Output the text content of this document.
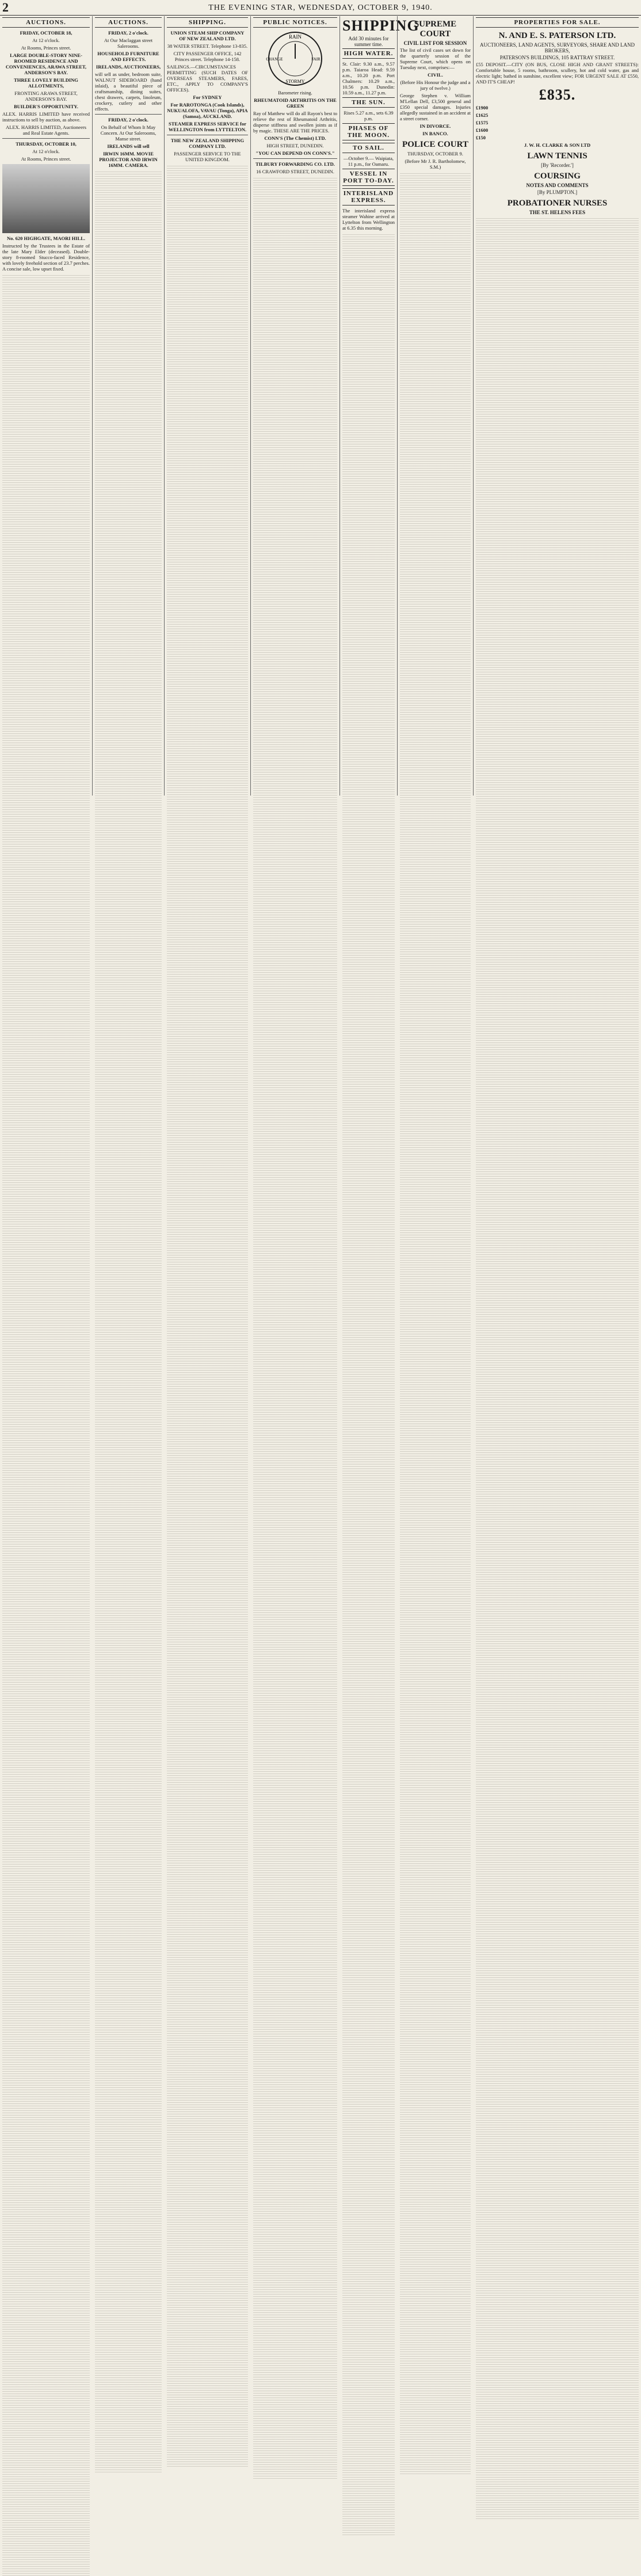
2	THE EVENING STAR, WEDNESDAY, OCTOBER 9, 1940.
AUCTIONS.
FRIDAY, OCTOBER 18,
At 12 o'clock.
At Rooms, Princes street.
LARGE DOUBLE-STORY NINE-ROOMED RESIDENCE AND CONVENIENCES, ARAWA STREET, ANDERSON'S BAY.
THREE LOVELY BUILDING ALLOTMENTS,
FRONTING ARAWA STREET, ANDERSON'S BAY.
BUILDER'S OPPORTUNITY.
ALEX. HARRIS LIMITED have received instructions to sell by auction, as above.
ALEX. HARRIS LIMITED, Auctioneers and Real Estate Agents.
THURSDAY, OCTOBER 10,
At 12 o'clock.
At Rooms, Princes street.
No. 620 HIGHGATE, MAORI HILL.
Instructed by the Trustees in the Estate of the late Mary Elder (deceased). Double-story 8-roomed Stucco-faced Residence, with lovely freehold section of 23.7 perches. A concise sale, low upset fixed.
AUCTIONS.
FRIDAY, 2 o'clock.
At Our Maclaggan street Salerooms.
HOUSEHOLD FURNITURE AND EFFECTS.
IRELANDS, AUCTIONEERS,
will sell as under, bedroom suite, WALNUT SIDEBOARD (hand inlaid), a beautiful piece of craftsmanship, dining suites, chest drawers, carpets, linoleum, crockery, cutlery and other effects.
FRIDAY, 2 o'clock.
On Behalf of Whom It May Concern. At Our Salerooms, Manse street.
IRELANDS will sell
IRWIN 16MM. MOVIE PROJECTOR AND IRWIN 16MM. CAMERA.
SHIPPING.
UNION STEAM SHIP COMPANY OF NEW ZEALAND LTD.
38 WATER STREET. Telephone 13-835.
CITY PASSENGER OFFICE, 142 Princes street. Telephone 14-158.
SAILINGS.—CIRCUMSTANCES PERMITTING (SUCH DATES OF OVERSEAS STEAMERS, FARES, ETC., APPLY TO COMPANY'S OFFICES).
For SYDNEY
For RAROTONGA (Cook Islands), NUKUALOFA, VAVAU (Tonga), APIA (Samoa), AUCKLAND.
STEAMER EXPRESS SERVICE for WELLINGTON from LYTTELTON.
THE NEW ZEALAND SHIPPING COMPANY LTD.
PASSENGER SERVICE TO THE UNITED KINGDOM.
PUBLIC NOTICES.
RAIN
CHANGE	FAIR
STORMY
Barometer rising.
RHEUMATOID ARTHRITIS ON THE GREEN
Ray of Matthew will do all Rayon's best to relieve the rest of Rheumatoid Arthritis, disperse stiffness and swollen joints as if by magic. THESE ARE THE PRICES.
CONN'S (The Chemist) LTD.
HIGH STREET, DUNEDIN.
"YOU CAN DEPEND ON CONN'S."
TILBURY FORWARDING CO. LTD.
16 CRAWFORD STREET, DUNEDIN.
SHIPPING
Add 30 minutes for summer time.
HIGH WATER.
St. Clair: 9.30 a.m., 9.57 p.m. Taiaroa Head: 9.59 a.m., 10.20 p.m. Port Chalmers: 10.29 a.m., 10.56 p.m. Dunedin: 10.59 a.m., 11.27 p.m.
THE SUN.
Rises 5.27 a.m., sets 6.39 p.m.
PHASES OF THE MOON.
TO SAIL.
—October 9.— Waipiata, 11 p.m., for Oamaru.
VESSEL IN PORT TO-DAY.
INTERISLAND EXPRESS.
The interisland express steamer Wahine arrived at Lyttelton from Wellington at 6.35 this morning.
SUPREME COURT
CIVIL LIST FOR SESSION
The list of civil cases set down for the quarterly session of the Supreme Court, which opens on Tuesday next, comprises:—
CIVIL.
(Before His Honour the judge and a jury of twelve.)
George Stephen v. William M'Lellan Dell, £3,500 general and £350 special damages. Injuries allegedly sustained in an accident at a street corner.
IN DIVORCE.
IN BANCO.
POLICE COURT
THURSDAY, OCTOBER 9.
(Before Mr J. R. Bartholomew, S.M.)
PROPERTIES FOR SALE.
N. AND E. S. PATERSON LTD.
AUCTIONEERS, LAND AGENTS, SURVEYORS, SHARE AND LAND BROKERS,
PATERSON'S BUILDINGS, 105 RATTRAY STREET.
£55 DEPOSIT.—CITY (ON BUS, CLOSE HIGH AND GRANT STREETS): Comfortable house, 5 rooms, bathroom, scullery, hot and cold water, gas and electric light; bathed in sunshine, excellent view; FOR URGENT SALE AT £550, AND IT'S CHEAP!
£835.
£1900
£1625
£1575
£1600
£150
J. W. H. CLARKE & SON LTD
LAWN TENNIS
[By 'Recorder.']
COURSING
NOTES AND COMMENTS
[By PLUMPTON.]
PROBATIONER NURSES
THE ST. HELENS FEES
